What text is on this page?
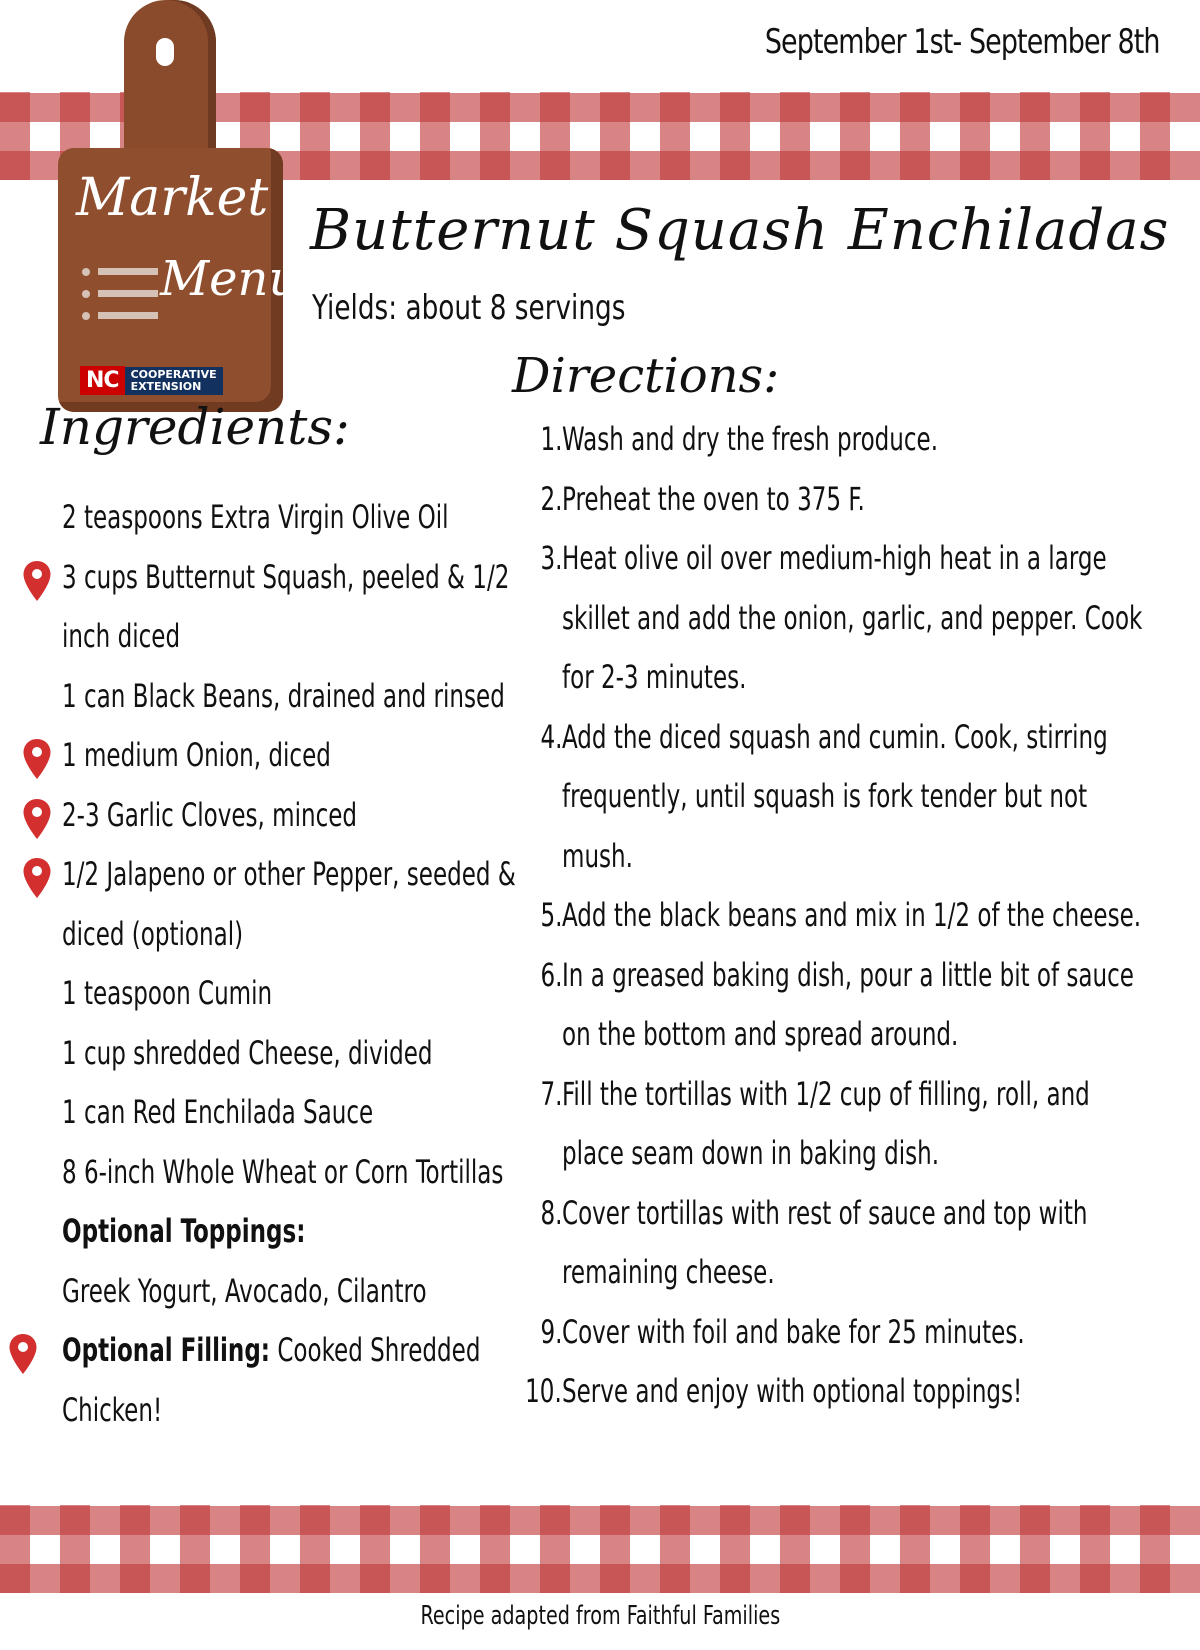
September 1st- September 8th
Market
Menu
NC	COOPERATIVE
EXTENSION
Butternut Squash Enchiladas
Yields: about 8 servings
Ingredients:
Directions:
2 teaspoons Extra Virgin Olive Oil
3 cups Butternut Squash, peeled & 1/2
inch diced
1 can Black Beans, drained and rinsed
1 medium Onion, diced
2-3 Garlic Cloves, minced
1/2 Jalapeno or other Pepper, seeded &
diced (optional)
1 teaspoon Cumin
1 cup shredded Cheese, divided
1 can Red Enchilada Sauce
8 6-inch Whole Wheat or Corn Tortillas
Optional Toppings:
Greek Yogurt, Avocado, Cilantro
Optional Filling: Cooked Shredded
Chicken!
1. Wash and dry the fresh produce.
2. Preheat the oven to 375 F.
3. Heat olive oil over medium-high heat in a large
skillet and add the onion, garlic, and pepper. Cook
for 2-3 minutes.
4. Add the diced squash and cumin. Cook, stirring
frequently, until squash is fork tender but not
mush.
5. Add the black beans and mix in 1/2 of the cheese.
6. In a greased baking dish, pour a little bit of sauce
on the bottom and spread around.
7. Fill the tortillas with 1/2 cup of filling, roll, and
place seam down in baking dish.
8. Cover tortillas with rest of sauce and top with
remaining cheese.
9. Cover with foil and bake for 25 minutes.
10. Serve and enjoy with optional toppings!
Recipe adapted from Faithful Families
